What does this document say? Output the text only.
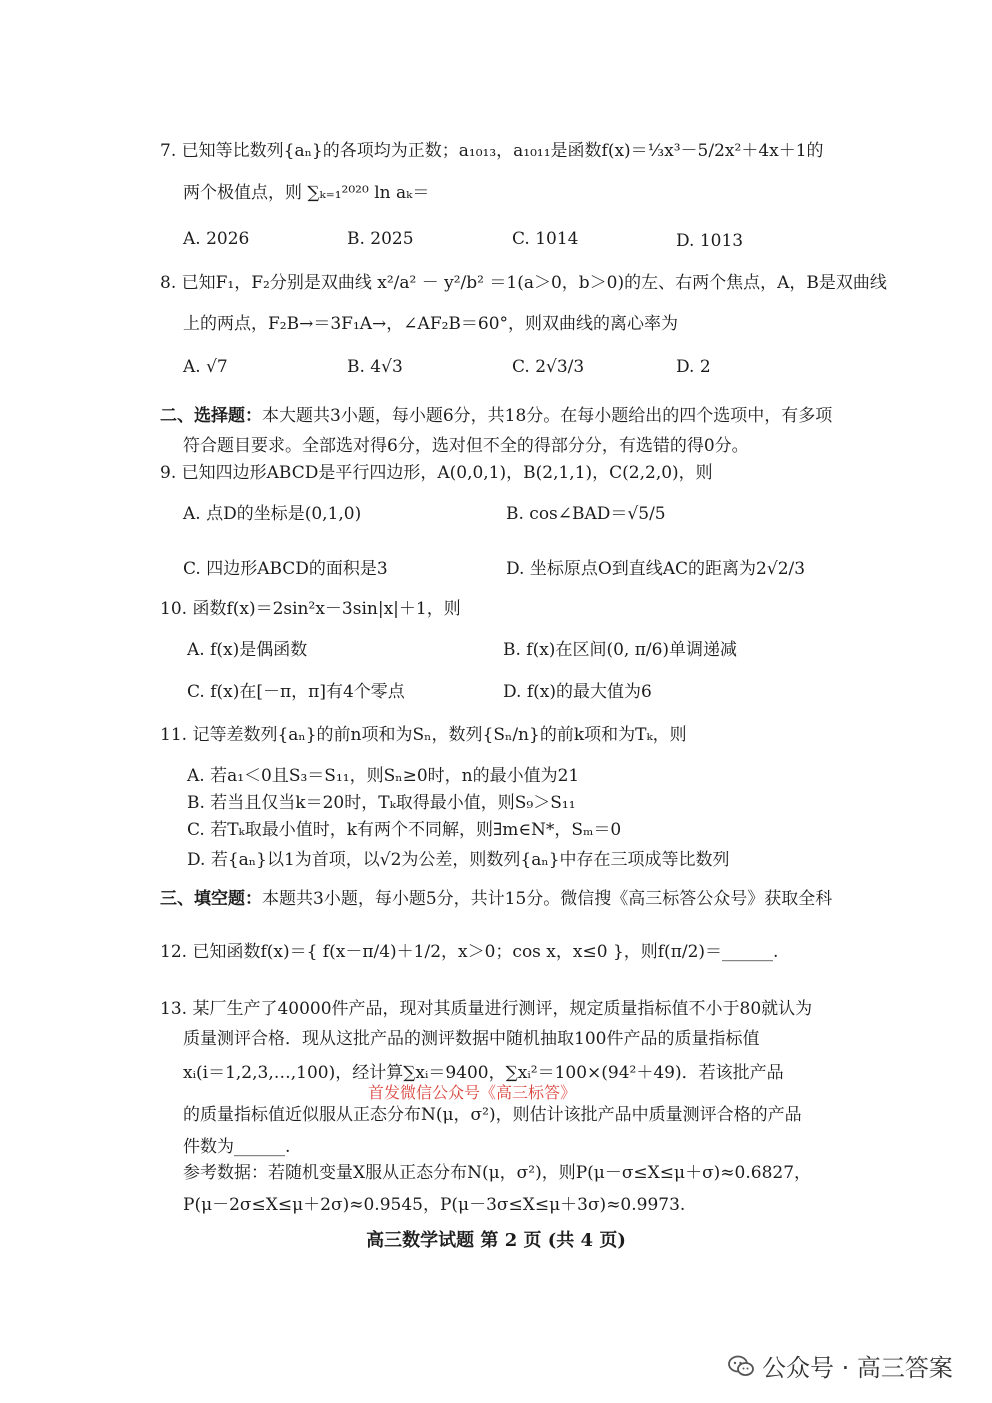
7. 已知等比数列{aₙ}的各项均为正数；a₁₀₁₃，a₁₀₁₁是函数f(x)＝⅓x³－5/2x²＋4x＋1的
两个极值点，则 ∑ₖ₌₁²⁰²⁰ ln aₖ＝
A. 2026	B. 2025	C. 1014	D. 1013
8. 已知F₁，F₂分别是双曲线 x²/a² － y²/b² ＝1(a＞0，b＞0)的左、右两个焦点，A，B是双曲线
上的两点，F₂B→＝3F₁A→，∠AF₂B＝60°，则双曲线的离心率为
A. √7	B. 4√3	C. 2√3/3	D. 2
二、选择题：本大题共3小题，每小题6分，共18分。在每小题给出的四个选项中，有多项
符合题目要求。全部选对得6分，选对但不全的得部分分，有选错的得0分。
9. 已知四边形ABCD是平行四边形，A(0,0,1)，B(2,1,1)，C(2,2,0)，则
A. 点D的坐标是(0,1,0)	B. cos∠BAD＝√5/5
C. 四边形ABCD的面积是3	D. 坐标原点O到直线AC的距离为2√2/3
10. 函数f(x)＝2sin²x－3sin|x|＋1，则
A. f(x)是偶函数	B. f(x)在区间(0, π/6)单调递减
C. f(x)在[－π，π]有4个零点	D. f(x)的最大值为6
11. 记等差数列{aₙ}的前n项和为Sₙ，数列{Sₙ/n}的前k项和为Tₖ，则
A. 若a₁＜0且S₃＝S₁₁，则Sₙ≥0时，n的最小值为21
B. 若当且仅当k＝20时，Tₖ取得最小值，则S₉＞S₁₁
C. 若Tₖ取最小值时，k有两个不同解，则∃m∈N*，Sₘ＝0
D. 若{aₙ}以1为首项，以√2为公差，则数列{aₙ}中存在三项成等比数列
三、填空题：本题共3小题，每小题5分，共计15分。微信搜《高三标答公众号》获取全科
12. 已知函数f(x)＝{ f(x－π/4)＋1/2，x＞0；cos x，x≤0 }，则f(π/2)＝______.
13. 某厂生产了40000件产品，现对其质量进行测评，规定质量指标值不小于80就认为
质量测评合格．现从这批产品的测评数据中随机抽取100件产品的质量指标值
xᵢ(i＝1,2,3,…,100)，经计算∑xᵢ＝9400，∑xᵢ²＝100×(94²＋49)．若该批产品
的质量指标值近似服从正态分布N(μ，σ²)，则估计该批产品中质量测评合格的产品
件数为______.
参考数据：若随机变量X服从正态分布N(μ，σ²)，则P(μ－σ≤X≤μ＋σ)≈0.6827，
P(μ－2σ≤X≤μ＋2σ)≈0.9545，P(μ－3σ≤X≤μ＋3σ)≈0.9973.
首发微信公众号《高三标答》
高三数学试题 第 2 页 (共 4 页)
公众号 · 高三答案
